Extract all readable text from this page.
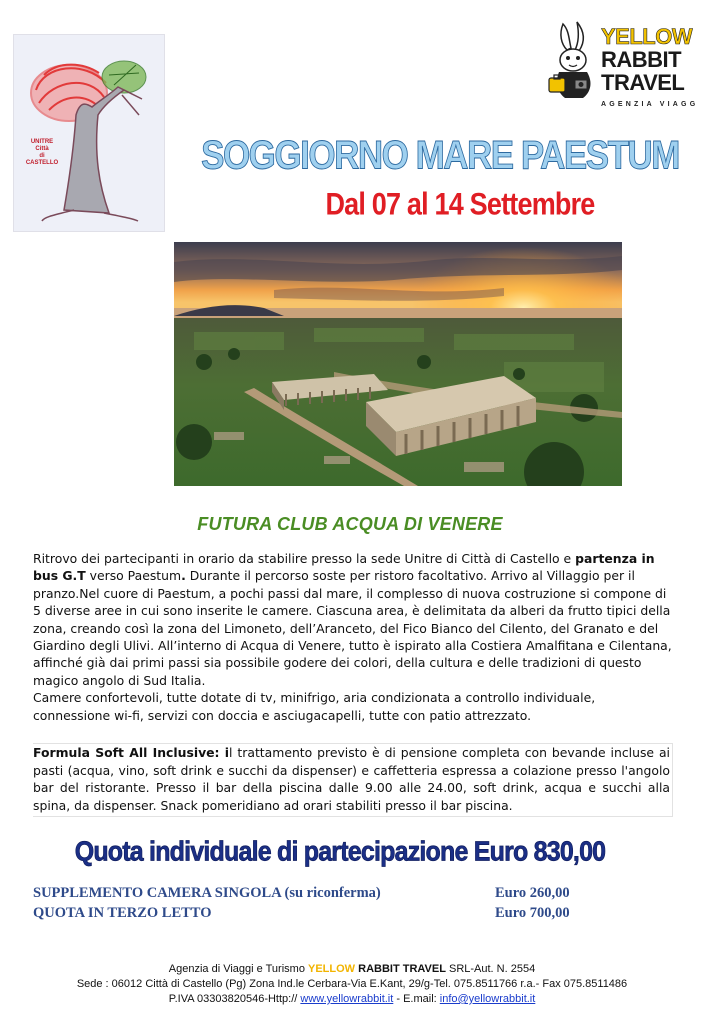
UNITRE
Città
di
CASTELLO
YELLOW
RABBIT
TRAVEL
AGENZIA VIAGG
SOGGIORNO MARE PAESTUM
Dal 07 al 14 Settembre
FUTURA CLUB ACQUA DI VENERE

Ritrovo dei partecipanti in orario da stabilire presso la sede Unitre di Città di Castello e partenza in bus G.T verso Paestum. Durante il percorso soste per ristoro facoltativo. Arrivo al Villaggio per il pranzo.Nel cuore di Paestum, a pochi passi dal mare, il complesso di nuova costruzione si compone di 5 diverse aree in cui sono inserite le camere. Ciascuna area, è delimitata da alberi da frutto tipici della zona, creando così la zona del Limoneto, dell’Aranceto, del Fico Bianco del Cilento, del Granato e del Giardino degli Ulivi. All’interno di Acqua di Venere, tutto è ispirato alla Costiera Amalfitana e Cilentana, affinché già dai primi passi sia possibile godere dei colori, della cultura e delle tradizioni di questo magico angolo di Sud Italia.

Camere confortevoli, tutte dotate di tv, minifrigo, aria condizionata a controllo individuale, connessione wi-fi, servizi con doccia e asciugacapelli, tutte con patio attrezzato.

Formula Soft All Inclusive: il trattamento previsto è di pensione completa con bevande incluse ai pasti (acqua, vino, soft drink e succhi da dispenser) e caffetteria espressa a colazione presso l'angolo bar del ristorante. Presso il bar della piscina dalle 9.00 alle 24.00, soft drink, acqua e succhi alla spina, da dispenser. Snack pomeridiano ad orari stabiliti presso il bar piscina.
Quota individuale di partecipazione Euro 830,00
SUPPLEMENTO CAMERA SINGOLA (su riconferma)	Euro 260,00
QUOTA IN TERZO LETTO	Euro 700,00
Agenzia di Viaggi e Turismo YELLOW RABBIT TRAVEL SRL-Aut. N. 2554
Sede : 06012 Città di Castello (Pg) Zona Ind.le Cerbara-Via E.Kant, 29/g-Tel. 075.8511766 r.a.- Fax 075.8511486
P.IVA 03303820546-Http:// www.yellowrabbit.it - E.mail: info@yellowrabbit.it
